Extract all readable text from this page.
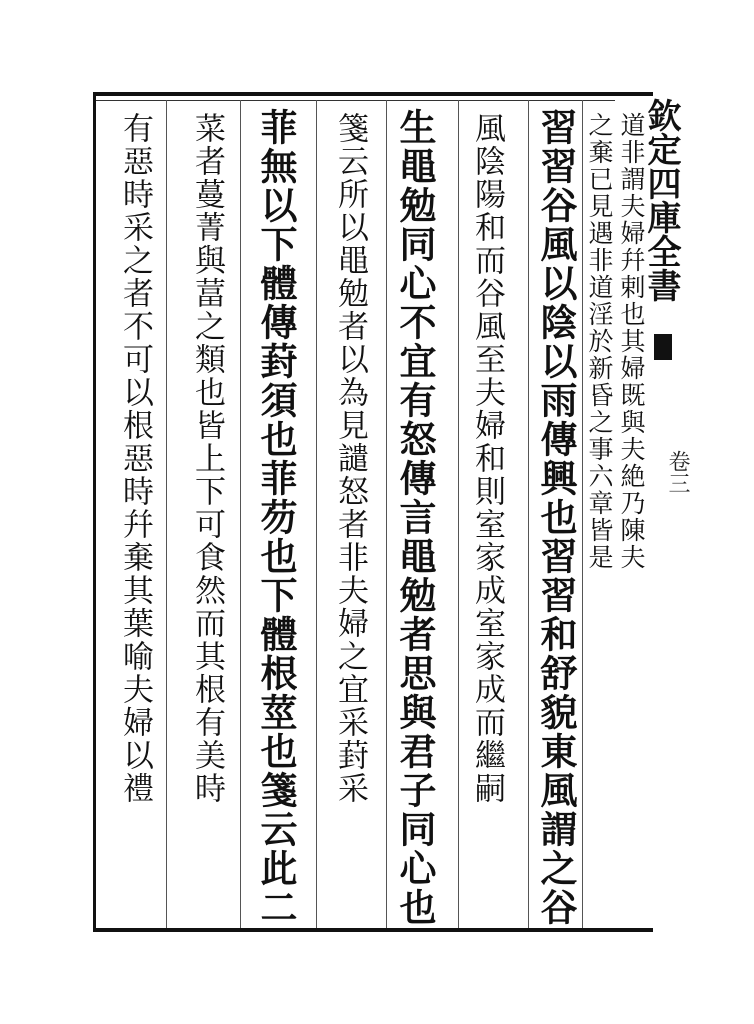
道非謂夫婦幷剌也其婦既與夫絶乃陳夫
之棄已見遇非道淫於新昏之事六章皆是
習習谷風以陰以雨傳興也習習和舒貌東風謂之谷
風陰陽和而谷風至夫婦和則室家成室家成而繼嗣
生黽勉同心不宜有怒傳言黽勉者思與君子同心也
箋云所以黽勉者以為見譴怒者非夫婦之宜采葑采
菲無以下體傳葑須也菲芴也下體根莖也箋云此二
菜者蔓菁與葍之類也皆上下可食然而其根有美時
有惡時采之者不可以根惡時幷棄其葉喻夫婦以禮	欽定四庫全書
卷三
